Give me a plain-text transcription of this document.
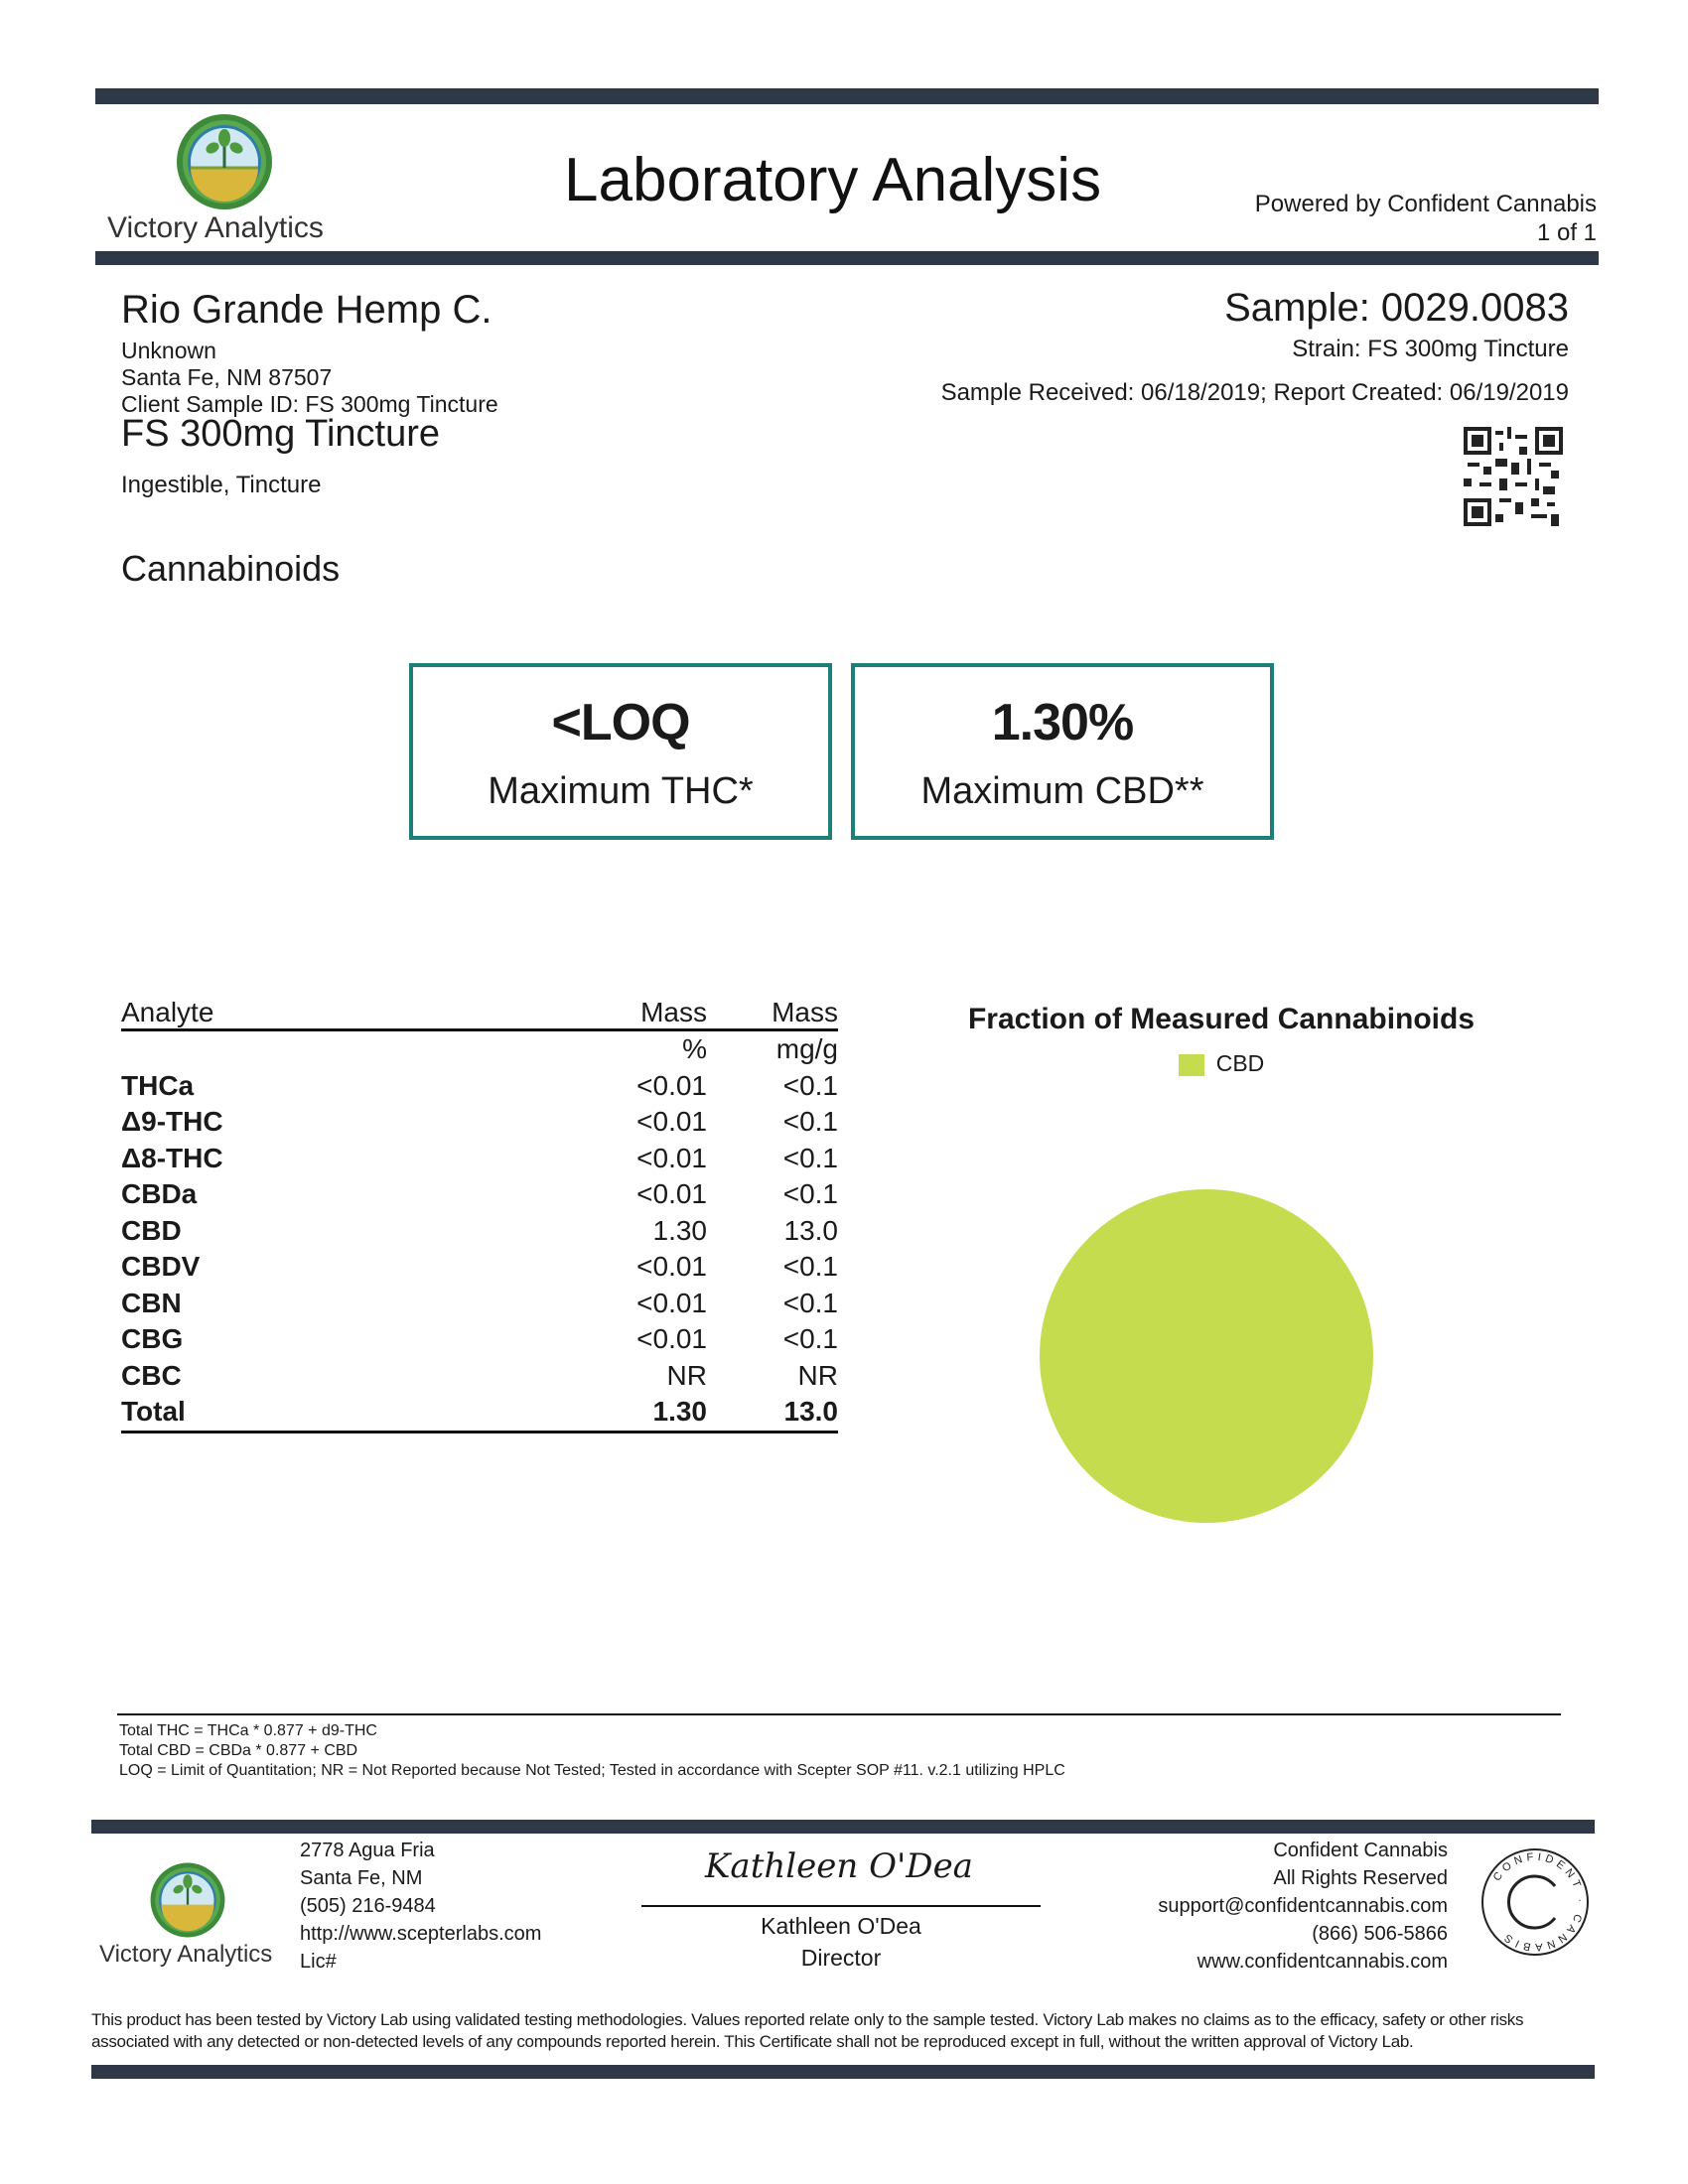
Victory Analytics
Laboratory Analysis	Powered by Confident Cannabis
1 of 1
Rio Grande Hemp C.
Unknown
Santa Fe, NM 87507
Client Sample ID: FS 300mg Tincture
FS 300mg Tincture
Ingestible, Tincture
Sample: 0029.0083
Strain: FS 300mg Tincture
Sample Received: 06/18/2019; Report Created: 06/19/2019
Cannabinoids
<LOQ
Maximum THC*
1.30%
Maximum CBD**
Analyte	Mass	Mass
	%	mg/g
THCa	<0.01	<0.1
Δ9-THC	<0.01	<0.1
Δ8-THC	<0.01	<0.1
CBDa	<0.01	<0.1
CBD	1.30	13.0
CBDV	<0.01	<0.1
CBN	<0.01	<0.1
CBG	<0.01	<0.1
CBC	NR	NR
Total	1.30	13.0
Fraction of Measured Cannabinoids
CBD
Total THC = THCa * 0.877 + d9-THC
Total CBD = CBDa * 0.877 + CBD
LOQ = Limit of Quantitation; NR = Not Reported because Not Tested; Tested in accordance with Scepter SOP #11. v.2.1 utilizing HPLC
Victory Analytics
2778 Agua Fria
Santa Fe, NM
(505) 216-9484
http://www.scepterlabs.com
Lic#
Kathleen O'Dea
Kathleen O'Dea
Director
Confident Cannabis
All Rights Reserved
support@confidentcannabis.com
(866) 506-5866
www.confidentcannabis.com
CONFIDENT · CANNABIS
This product has been tested by Victory Lab using validated testing methodologies. Values reported relate only to the sample tested. Victory Lab makes no claims as to the efficacy, safety or other risks associated with any detected or non-detected levels of any compounds reported herein. This Certificate shall not be reproduced except in full, without the written approval of Victory Lab.
